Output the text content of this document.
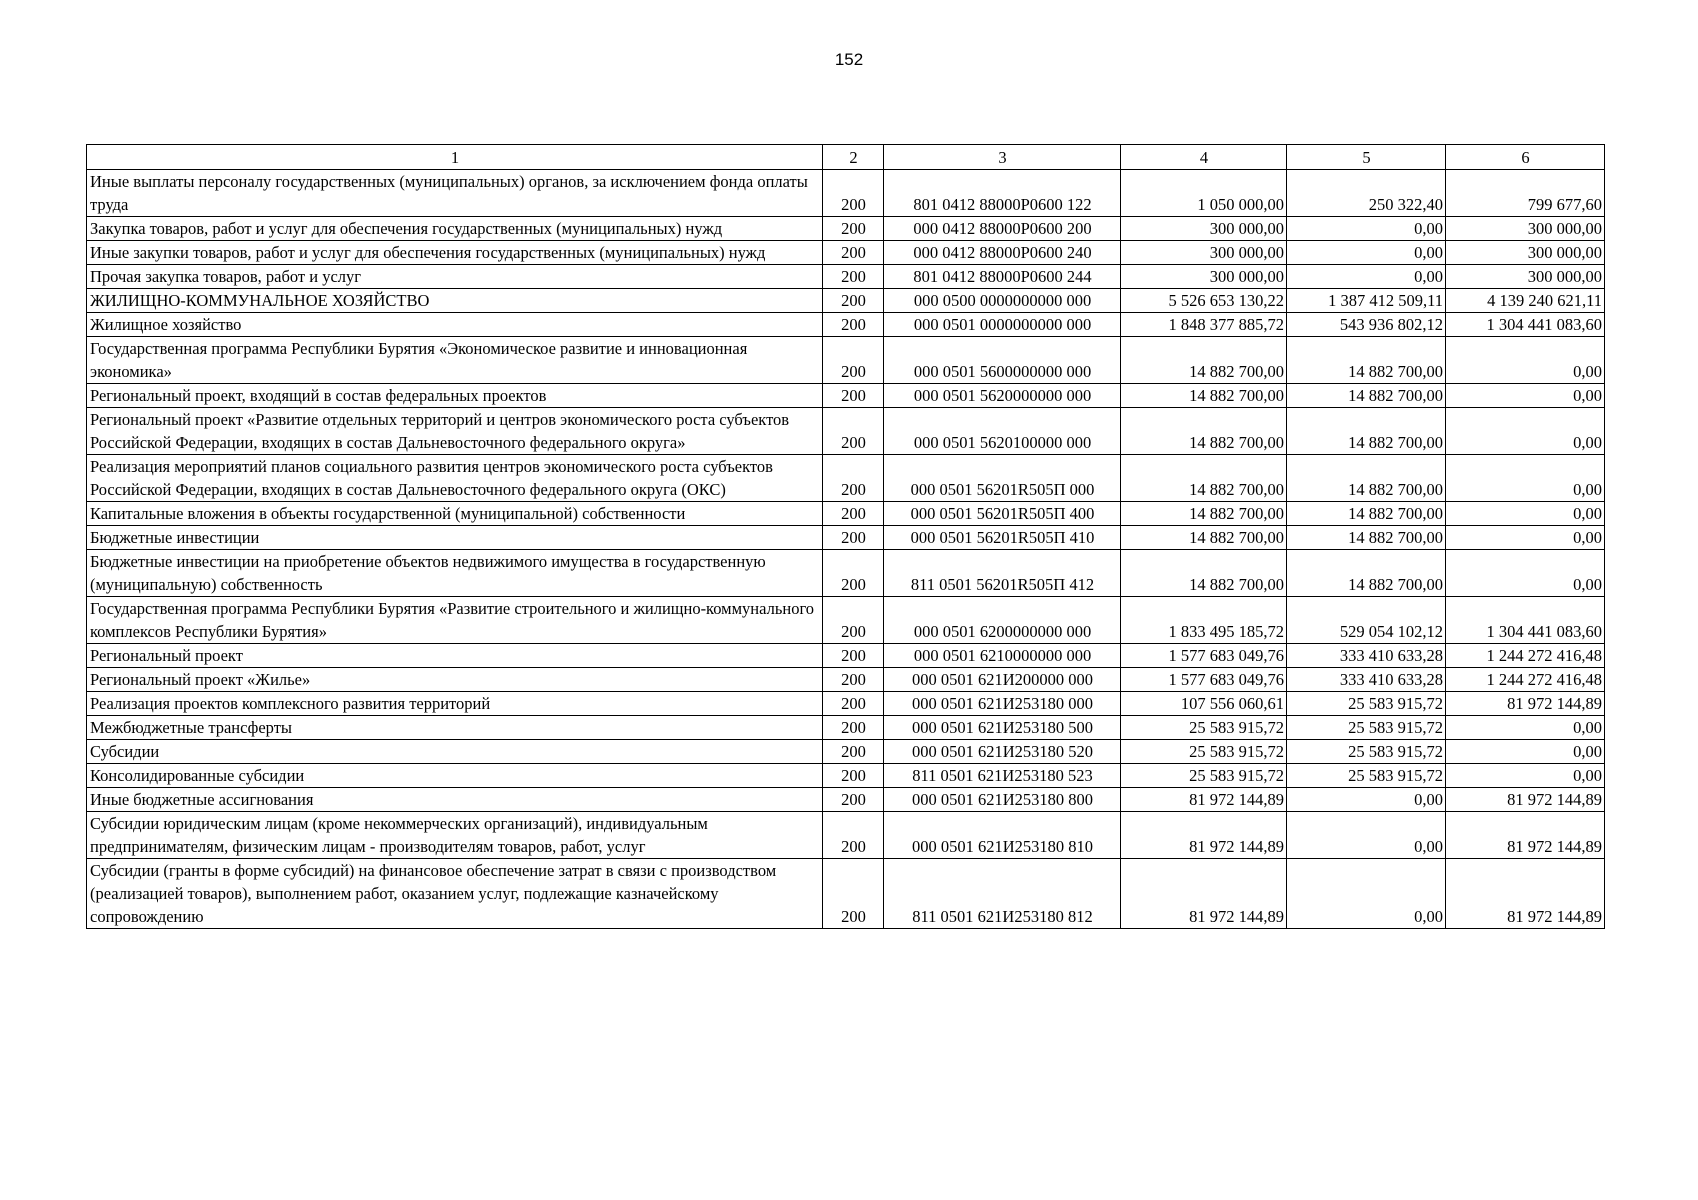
152
1	2	3	4	5	6
Иные выплаты персоналу государственных (муниципальных) органов, за исключением фонда оплаты труда	200	801 0412 88000Р0600 122	1 050 000,00	250 322,40	799 677,60
Закупка товаров, работ и услуг для обеспечения государственных (муниципальных) нужд	200	000 0412 88000Р0600 200	300 000,00	0,00	300 000,00
Иные закупки товаров, работ и услуг для обеспечения государственных (муниципальных) нужд	200	000 0412 88000Р0600 240	300 000,00	0,00	300 000,00
Прочая закупка товаров, работ и услуг	200	801 0412 88000Р0600 244	300 000,00	0,00	300 000,00
ЖИЛИЩНО-КОММУНАЛЬНОЕ ХОЗЯЙСТВО	200	000 0500 0000000000 000	5 526 653 130,22	1 387 412 509,11	4 139 240 621,11
Жилищное хозяйство	200	000 0501 0000000000 000	1 848 377 885,72	543 936 802,12	1 304 441 083,60
Государственная программа Республики Бурятия «Экономическое развитие и инновационная экономика»	200	000 0501 5600000000 000	14 882 700,00	14 882 700,00	0,00
Региональный проект, входящий в состав федеральных проектов	200	000 0501 5620000000 000	14 882 700,00	14 882 700,00	0,00
Региональный проект «Развитие отдельных территорий и центров экономического роста субъектов Российской Федерации, входящих в состав Дальневосточного федерального округа»	200	000 0501 5620100000 000	14 882 700,00	14 882 700,00	0,00
Реализация мероприятий планов социального развития центров экономического роста субъектов Российской Федерации, входящих в состав Дальневосточного федерального округа (ОКС)	200	000 0501 56201R505П 000	14 882 700,00	14 882 700,00	0,00
Капитальные вложения в объекты государственной (муниципальной) собственности	200	000 0501 56201R505П 400	14 882 700,00	14 882 700,00	0,00
Бюджетные инвестиции	200	000 0501 56201R505П 410	14 882 700,00	14 882 700,00	0,00
Бюджетные инвестиции на приобретение объектов недвижимого имущества в государственную (муниципальную) собственность	200	811 0501 56201R505П 412	14 882 700,00	14 882 700,00	0,00
Государственная программа Республики Бурятия «Развитие строительного и жилищно-коммунального комплексов Республики Бурятия»	200	000 0501 6200000000 000	1 833 495 185,72	529 054 102,12	1 304 441 083,60
Региональный проект	200	000 0501 6210000000 000	1 577 683 049,76	333 410 633,28	1 244 272 416,48
Региональный проект «Жилье»	200	000 0501 621И200000 000	1 577 683 049,76	333 410 633,28	1 244 272 416,48
Реализация проектов комплексного развития территорий	200	000 0501 621И253180 000	107 556 060,61	25 583 915,72	81 972 144,89
Межбюджетные трансферты	200	000 0501 621И253180 500	25 583 915,72	25 583 915,72	0,00
Субсидии	200	000 0501 621И253180 520	25 583 915,72	25 583 915,72	0,00
Консолидированные субсидии	200	811 0501 621И253180 523	25 583 915,72	25 583 915,72	0,00
Иные бюджетные ассигнования	200	000 0501 621И253180 800	81 972 144,89	0,00	81 972 144,89
Субсидии юридическим лицам (кроме некоммерческих организаций), индивидуальным предпринимателям, физическим лицам - производителям товаров, работ, услуг	200	000 0501 621И253180 810	81 972 144,89	0,00	81 972 144,89
Субсидии (гранты в форме субсидий) на финансовое обеспечение затрат в связи с производством (реализацией товаров), выполнением работ, оказанием услуг, подлежащие казначейскому сопровождению	200	811 0501 621И253180 812	81 972 144,89	0,00	81 972 144,89
